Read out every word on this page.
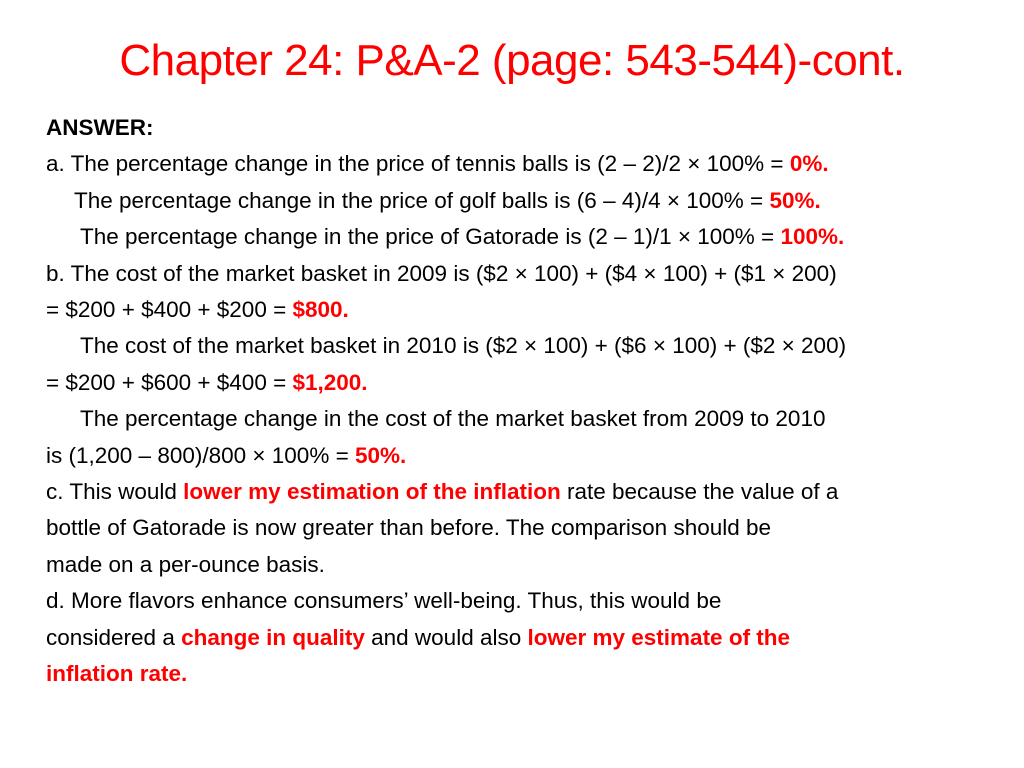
Chapter 24: P&A-2 (page: 543-544)-cont.
ANSWER:
a. The percentage change in the price of tennis balls is (2 – 2)/2 × 100% = 0%.
The percentage change in the price of golf balls is (6 – 4)/4 × 100% = 50%.
The percentage change in the price of Gatorade is (2 – 1)/1 × 100% = 100%.
b. The cost of the market basket in 2009 is ($2 × 100) + ($4 × 100) + ($1 × 200)
= $200 + $400 + $200 = $800.
The cost of the market basket in 2010 is ($2 × 100) + ($6 × 100) + ($2 × 200)
= $200 + $600 + $400 = $1,200.
The percentage change in the cost of the market basket from 2009 to 2010
is (1,200 – 800)/800 × 100% = 50%.
c. This would lower my estimation of the inflation rate because the value of a
bottle of Gatorade is now greater than before. The comparison should be
made on a per-ounce basis.
d. More flavors enhance consumers’ well-being. Thus, this would be
considered a change in quality and would also lower my estimate of the
inflation rate.
